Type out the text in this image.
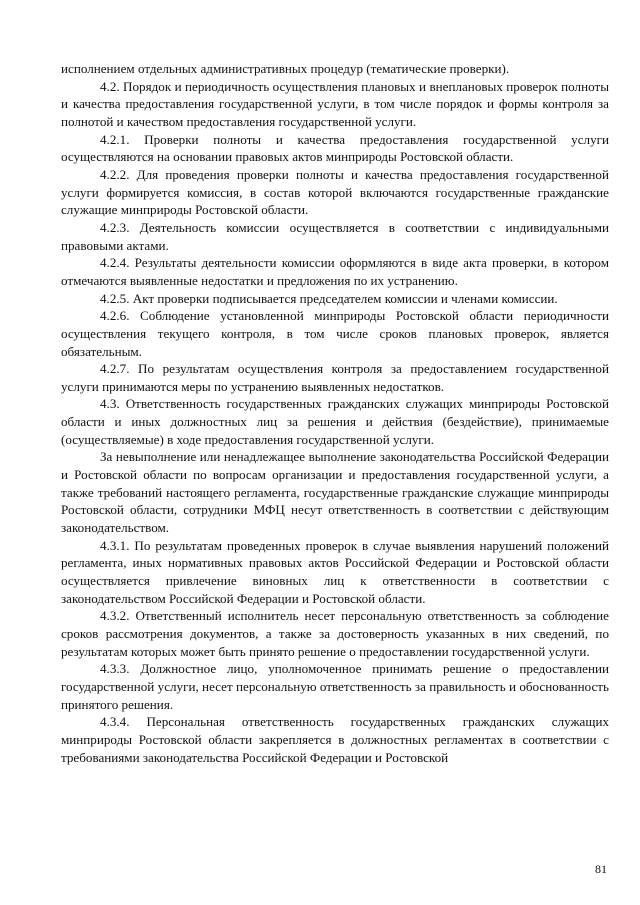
исполнением отдельных административных процедур (тематические проверки).

4.2. Порядок и периодичность осуществления плановых и внеплановых проверок полноты и качества предоставления государственной услуги, в том числе порядок и формы контроля за полнотой и качеством предоставления государственной услуги.

4.2.1. Проверки полноты и качества предоставления государственной услуги осуществляются на основании правовых актов минприроды Ростовской области.

4.2.2. Для проведения проверки полноты и качества предоставления государственной услуги формируется комиссия, в состав которой включаются государственные гражданские служащие минприроды Ростовской области.

4.2.3. Деятельность комиссии осуществляется в соответствии с индивидуальными правовыми актами.

4.2.4. Результаты деятельности комиссии оформляются в виде акта проверки, в котором отмечаются выявленные недостатки и предложения по их устранению.

4.2.5. Акт проверки подписывается председателем комиссии и членами комиссии.

4.2.6. Соблюдение установленной минприроды Ростовской области периодичности осуществления текущего контроля, в том числе сроков плановых проверок, является обязательным.

4.2.7. По результатам осуществления контроля за предоставлением государственной услуги принимаются меры по устранению выявленных недостатков.

4.3. Ответственность государственных гражданских служащих минприроды Ростовской области и иных должностных лиц за решения и действия (бездействие), принимаемые (осуществляемые) в ходе предоставления государственной услуги.

За невыполнение или ненадлежащее выполнение законодательства Российской Федерации и Ростовской области по вопросам организации и предоставления государственной услуги, а также требований настоящего регламента, государственные гражданские служащие минприроды Ростовской области, сотрудники МФЦ несут ответственность в соответствии с действующим законодательством.

4.3.1. По результатам проведенных проверок в случае выявления нарушений положений регламента, иных нормативных правовых актов Российской Федерации и Ростовской области осуществляется привлечение виновных лиц к ответственности в соответствии с законодательством Российской Федерации и Ростовской области.

4.3.2. Ответственный исполнитель несет персональную ответственность за соблюдение сроков рассмотрения документов, а также за достоверность указанных в них сведений, по результатам которых может быть принято решение о предоставлении государственной услуги.

4.3.3. Должностное лицо, уполномоченное принимать решение о предоставлении государственной услуги, несет персональную ответственность за правильность и обоснованность принятого решения.

4.3.4. Персональная ответственность государственных гражданских служащих минприроды Ростовской области закрепляется в должностных регламентах в соответствии с требованиями законодательства Российской Федерации и Ростовской

81
